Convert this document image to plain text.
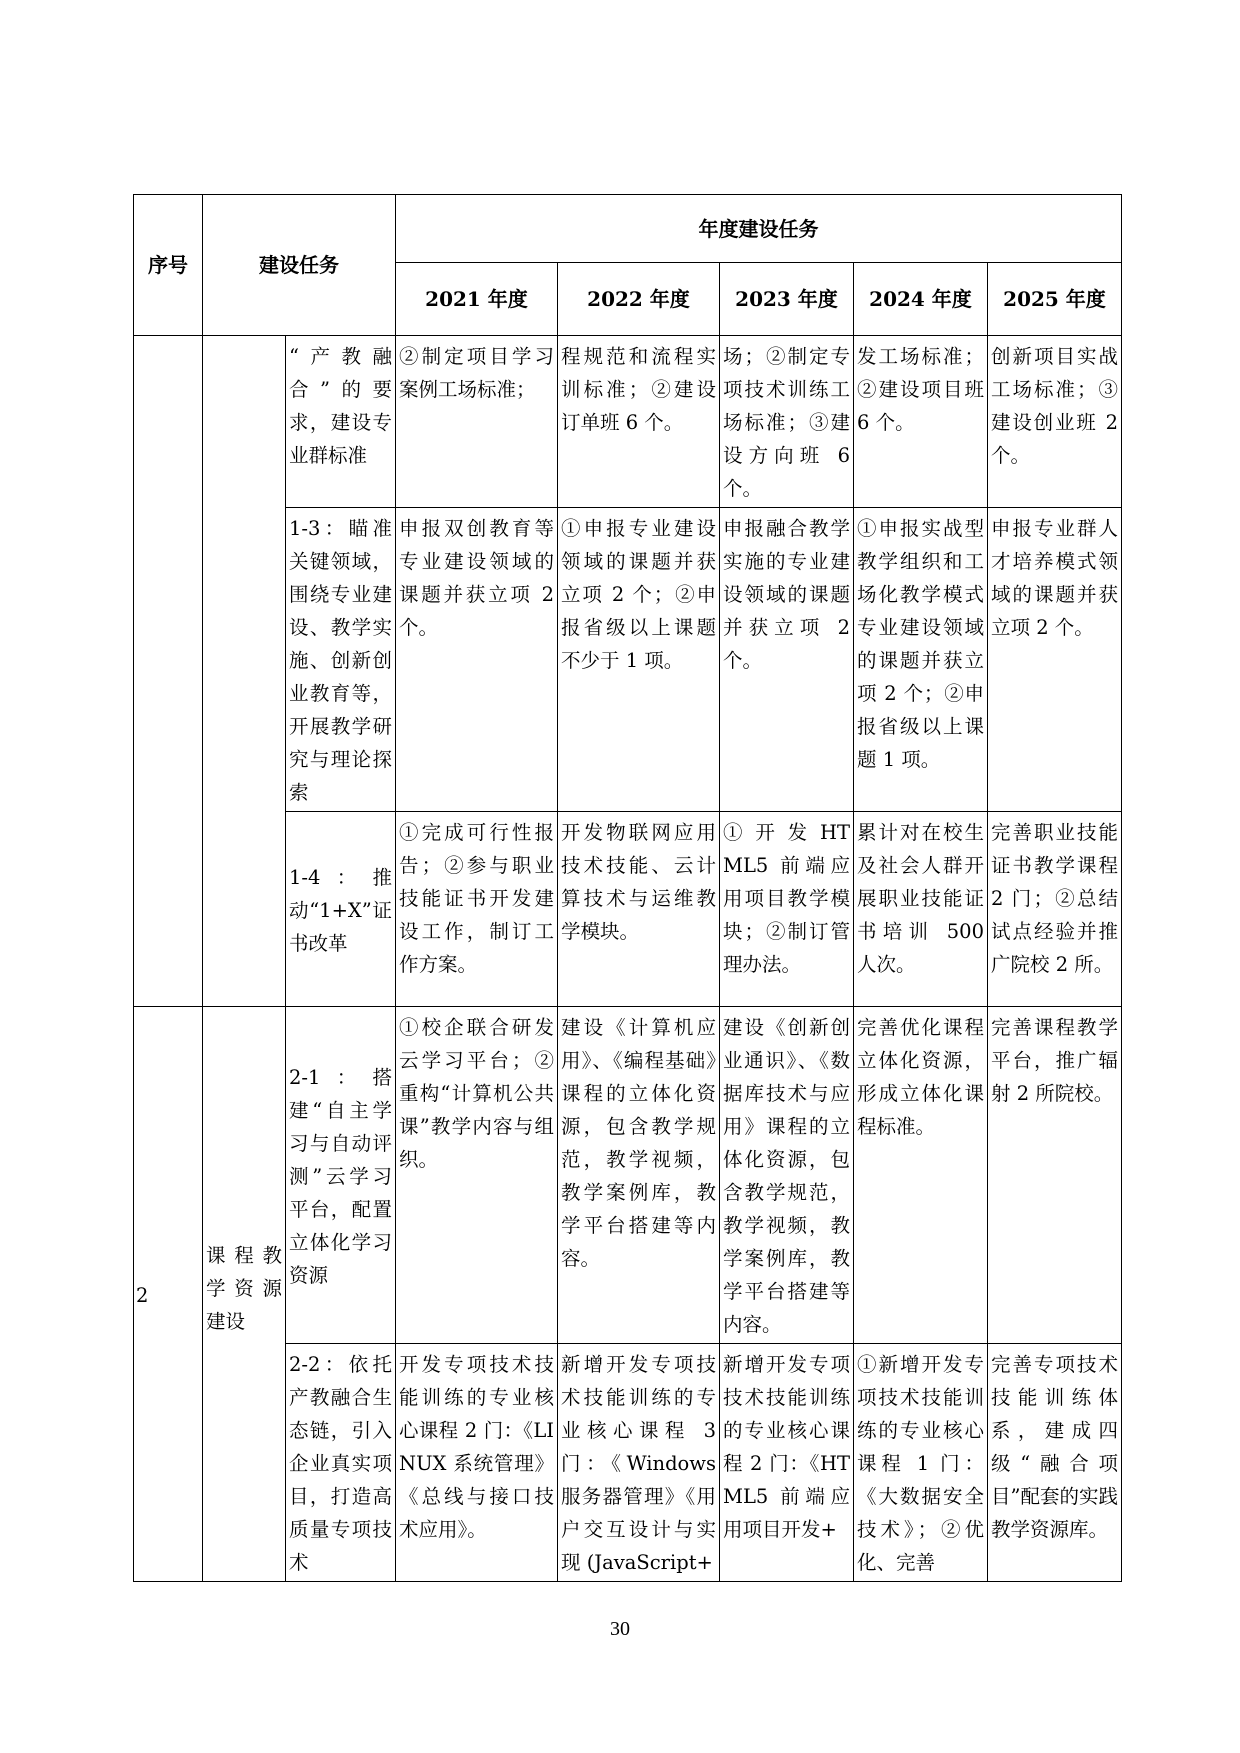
序号	建设任务		年度建设任务				
			2021 年度	2022 年度	2023 年度	2024 年度	2025 年度
		“产教融合”的要求，建设专业群标准	②制定项目学习案例工场标准；	程规范和流程实训标准；②建设订单班 6 个。	场；②制定专项技术训练工场标准；③建设方向班 6 个。	发工场标准；②建设项目班 6 个。	创新项目实战工场标准；③建设创业班 2 个。
		1-3：瞄准关键领域，围绕专业建设、教学实施、创新创业教育等，开展教学研究与理论探索	申报双创教育等专业建设领域的课题并获立项 2 个。	①申报专业建设领域的课题并获立项 2 个；②申报省级以上课题不少于 1 项。	申报融合教学实施的专业建设领域的课题并获立项 2 个。	①申报实战型教学组织和工场化教学模式专业建设领域的课题并获立项 2 个；②申报省级以上课题 1 项。	申报专业群人才培养模式领域的课题并获立项 2 个。
		1-4：推动“1+X”证书改革	①完成可行性报告；②参与职业技能证书开发建设工作，制订工作方案。	开发物联网应用技术技能、云计算技术与运维教学模块。	① 开 发 HTML5 前端应用项目教学模块；②制订管理办法。	累计对在校生及社会人群开展职业技能证书培训 500 人次。	完善职业技能证书教学课程 2 门；②总结试点经验并推广院校 2 所。
2	课程教学资源建设	2-1：搭建“自主学习与自动评测”云学习平台，配置立体化学习资源	①校企联合研发云学习平台；②重构“计算机公共课”教学内容与组织。	建设《计算机应用》、《编程基础》课程的立体化资源，包含教学规范，教学视频，教学案例库，教学平台搭建等内容。	建设《创新创业通识》、《数据库技术与应用》课程的立体化资源，包含教学规范，教学视频，教学案例库，教学平台搭建等内容。	完善优化课程立体化资源，形成立体化课程标准。	完善课程教学平台，推广辐射 2 所院校。
		2-2：依托产教融合生态链，引入企业真实项目，打造高质量专项技术	开发专项技术技能训练的专业核心课程 2 门：《LINUX 系统管理》《总线与接口技术应用》。	新增开发专项技术技能训练的专业核心课程 3 门：《Windows 服务器管理》《用户交互设计与实现 (JavaScript+	新增开发专项技术技能训练的专业核心课程 2 门：《HTML5 前端应用项目开发+	①新增开发专项技术技能训练的专业核心课程 1 门：《大数据安全技术》；②优化、完善	完善专项技术技能训练体系，建成四级“融合项目”配套的实践教学资源库。
30
